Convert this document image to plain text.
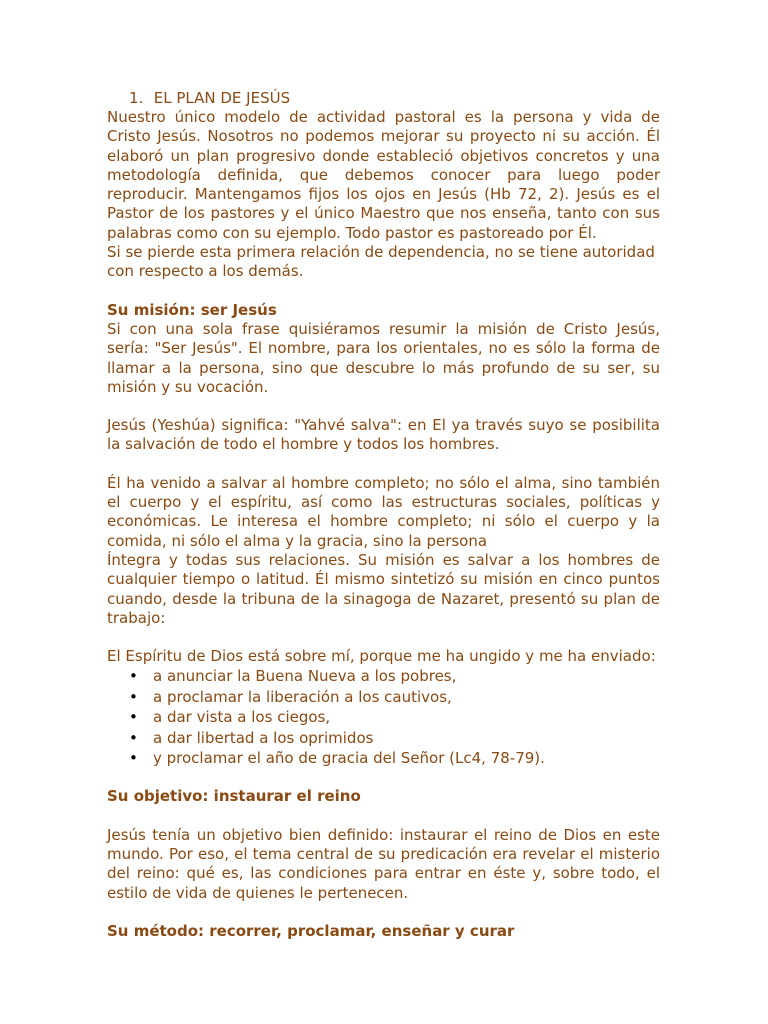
1. EL PLAN DE JESÚS

Nuestro único modelo de actividad pastoral es la persona y vida de Cristo Jesús. Nosotros no podemos mejorar su proyecto ni su acción. Él elaboró un plan progresivo donde estableció objetivos concretos y una metodología definida, que debemos conocer para luego poder reproducir. Mantengamos fijos los ojos en Jesús (Hb 72, 2). Jesús es el Pastor de los pastores y el único Maestro que nos enseña, tanto con sus palabras como con su ejemplo. Todo pastor es pastoreado por Él.

Si se pierde esta primera relación de dependencia, no se tiene autoridad con respecto a los demás.

Su misión: ser Jesús

Si con una sola frase quisiéramos resumir la misión de Cristo Jesús, sería: "Ser Jesús". El nombre, para los orientales, no es sólo la forma de llamar a la persona, sino que descubre lo más profundo de su ser, su misión y su vocación.

Jesús (Yeshúa) significa: "Yahvé salva": en El ya través suyo se posibilita la salvación de todo el hombre y todos los hombres.

Él ha venido a salvar al hombre completo; no sólo el alma, sino también el cuerpo y el espíritu, así como las estructuras sociales, políticas y económicas. Le interesa el hombre completo; ni sólo el cuerpo y la comida, ni sólo el alma y la gracia, sino la persona

Íntegra y todas sus relaciones. Su misión es salvar a los hombres de cualquier tiempo o latitud. Él mismo sintetizó su misión en cinco puntos cuando, desde la tribuna de la sinagoga de Nazaret, presentó su plan de trabajo:

El Espíritu de Dios está sobre mí, porque me ha ungido y me ha enviado:

• a anunciar la Buena Nueva a los pobres,
• a proclamar la liberación a los cautivos,
• a dar vista a los ciegos,
• a dar libertad a los oprimidos
• y proclamar el año de gracia del Señor (Lc4, 78-79).

Su objetivo: instaurar el reino

Jesús tenía un objetivo bien definido: instaurar el reino de Dios en este mundo. Por eso, el tema central de su predicación era revelar el misterio del reino: qué es, las condiciones para entrar en éste y, sobre todo, el estilo de vida de quienes le pertenecen.

Su método: recorrer, proclamar, enseñar y curar
